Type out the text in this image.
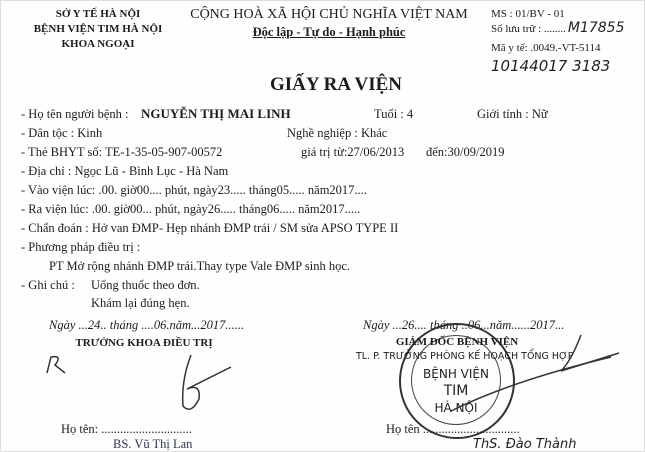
SỞ Y TẾ HÀ NỘI
BỆNH VIỆN TIM HÀ NỘI
KHOA NGOẠI
CỘNG HOÀ XÃ HỘI CHỦ NGHĨA VIỆT NAM
Độc lập - Tự do - Hạnh phúc
MS : 01/BV - 01
Số lưu trữ : ........ M17855
Mã y tế: .0049.-VT-5114
10144017 3183
GIẤY RA VIỆN
- Họ tên người bệnh : NGUYỄN THỊ MAI LINH	Tuổi : 4	Giới tính : Nữ
- Dân tộc : Kinh	Nghề nghiệp : Khác
- Thẻ BHYT số: TE-1-35-05-907-00572	giá trị từ:27/06/2013 đến:30/09/2019
- Địa chỉ : Ngọc Lũ - Bình Lục - Hà Nam
- Vào viện lúc: .00. giờ00.... phút, ngày23..... tháng05..... năm2017....
- Ra viện lúc: .00. giờ00... phút, ngày26..... tháng06..... năm2017.....
- Chẩn đoán : Hở van ĐMP- Hẹp nhánh ĐMP trái / SM sửa APSO TYPE II
- Phương pháp điều trị :
PT Mở rộng nhánh ĐMP trái.Thay type Vale ĐMP sinh học.
- Ghi chú : Uống thuốc theo đơn.
Khám lại đúng hẹn.
Ngày ...24.. tháng ....06.năm...2017......
TRƯỞNG KHOA ĐIỀU TRỊ
Họ tên: .............................
BS. Vũ Thị Lan
Ngày ...26.... tháng ..06...năm......2017...
GIÁM ĐỐC BỆNH VIỆN
TL. P. TRƯỞNG PHÒNG KẾ HOẠCH TỔNG HỢP
BỆNH VIỆN
TIM
HÀ NỘI
Họ tên ...............................
ThS. Đào Thành
